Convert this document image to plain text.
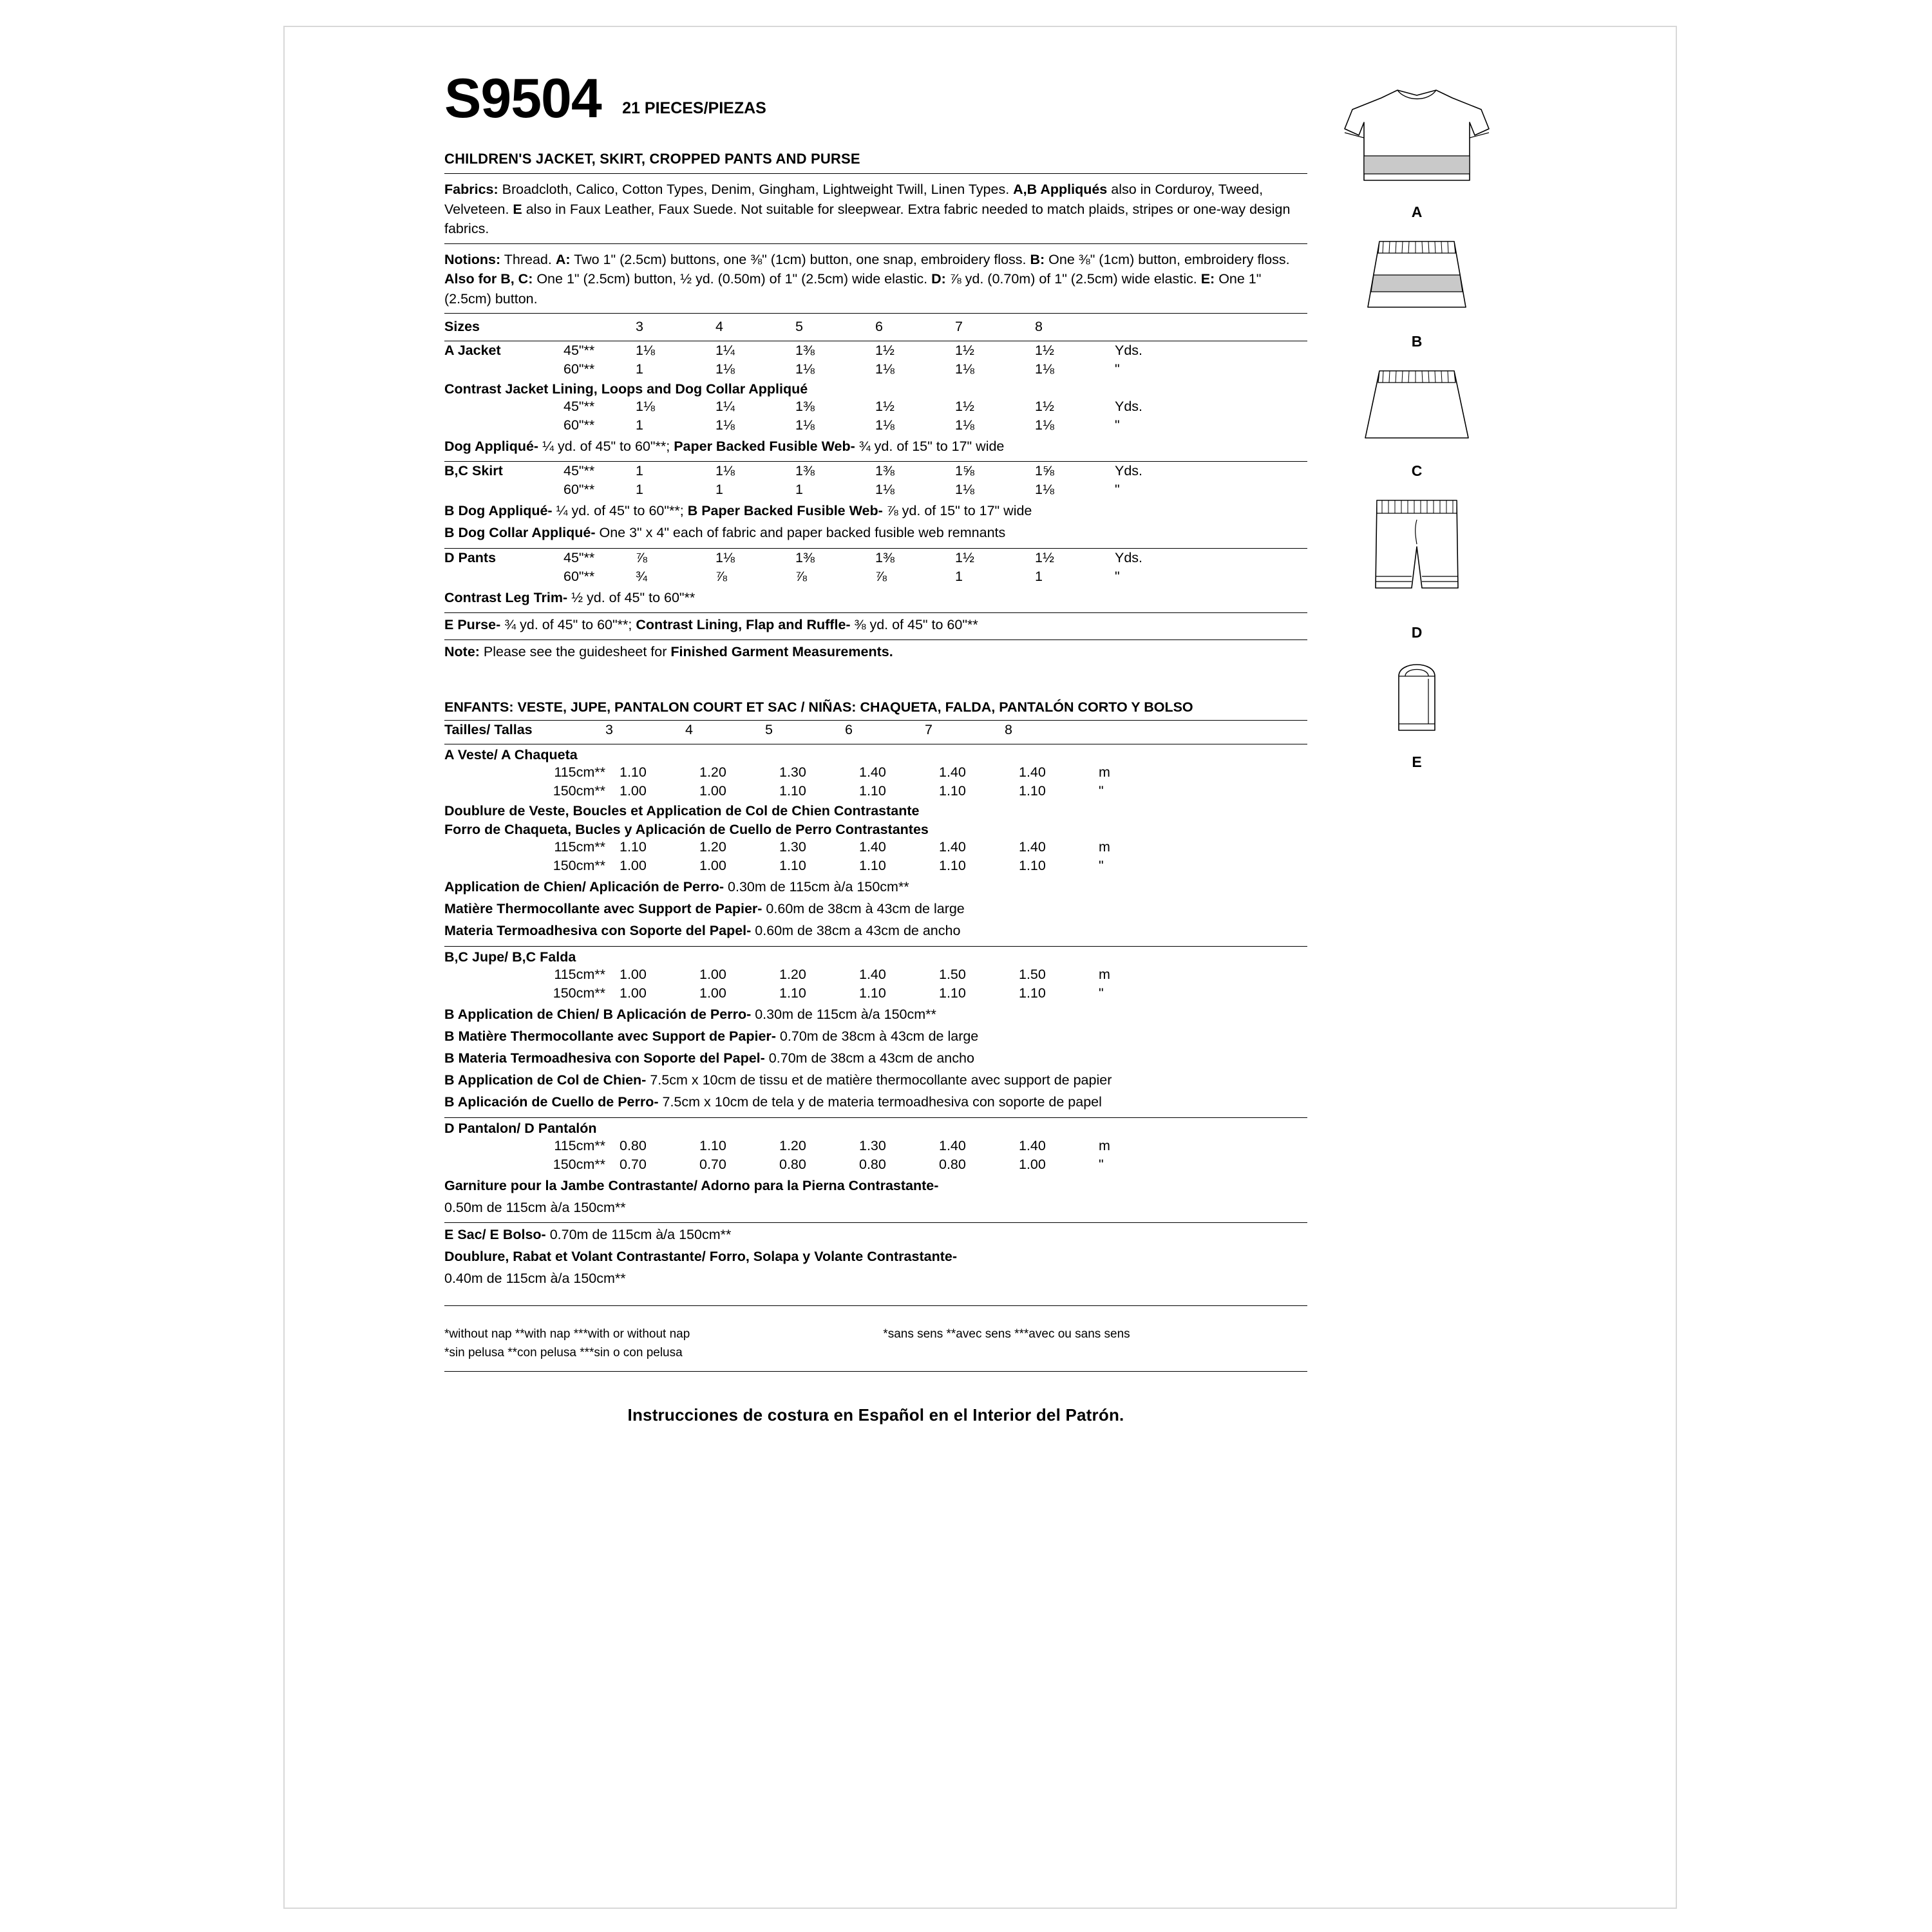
S9504 21 PIECES/PIEZAS
CHILDREN'S JACKET, SKIRT, CROPPED PANTS AND PURSE
Fabrics: Broadcloth, Calico, Cotton Types, Denim, Gingham, Lightweight Twill, Linen Types. A,B Appliqués also in Corduroy, Tweed, Velveteen. E also in Faux Leather, Faux Suede. Not suitable for sleepwear. Extra fabric needed to match plaids, stripes or one-way design fabrics.
Notions: Thread. A: Two 1" (2.5cm) buttons, one ⅜" (1cm) button, one snap, embroidery floss. B: One ⅜" (1cm) button, embroidery floss. Also for B, C: One 1" (2.5cm) button, ½ yd. (0.50m) of 1" (2.5cm) wide elastic. D: ⅞ yd. (0.70m) of 1" (2.5cm) wide elastic. E: One 1" (2.5cm) button.
Sizes		3	4	5	6	7	8	
A Jacket	45"**	1⅛	1¼	1⅜	1½	1½	1½	Yds.
	60"**	1	1⅛	1⅛	1⅛	1⅛	1⅛	"
Contrast Jacket Lining, Loops and Dog Collar Appliqué
	45"**	1⅛	1¼	1⅜	1½	1½	1½	Yds.
	60"**	1	1⅛	1⅛	1⅛	1⅛	1⅛	"
Dog Appliqué- ¼ yd. of 45" to 60"**; Paper Backed Fusible Web- ¾ yd. of 15" to 17" wide
B,C Skirt	45"**	1	1⅛	1⅜	1⅜	1⅝	1⅝	Yds.
	60"**	1	1	1	1⅛	1⅛	1⅛	"
B Dog Appliqué- ¼ yd. of 45" to 60"**; B Paper Backed Fusible Web- ⅞ yd. of 15" to 17" wide
B Dog Collar Appliqué- One 3" x 4" each of fabric and paper backed fusible web remnants
D Pants	45"**	⅞	1⅛	1⅜	1⅜	1½	1½	Yds.
	60"**	¾	⅞	⅞	⅞	1	1	"
Contrast Leg Trim- ½ yd. of 45" to 60"**
E Purse- ¾ yd. of 45" to 60"**; Contrast Lining, Flap and Ruffle- ⅜ yd. of 45" to 60"**
Note: Please see the guidesheet for Finished Garment Measurements.
ENFANTS: VESTE, JUPE, PANTALON COURT ET SAC / NIÑAS: CHAQUETA, FALDA, PANTALÓN CORTO Y BOLSO
Tailles/ Tallas	3	4	5	6	7	8	
A Veste/ A Chaqueta
115cm**	1.10	1.20	1.30	1.40	1.40	1.40	m
150cm**	1.00	1.00	1.10	1.10	1.10	1.10	"
Doublure de Veste, Boucles et Application de Col de Chien Contrastante
Forro de Chaqueta, Bucles y Aplicación de Cuello de Perro Contrastantes
115cm**	1.10	1.20	1.30	1.40	1.40	1.40	m
150cm**	1.00	1.00	1.10	1.10	1.10	1.10	"
Application de Chien/ Aplicación de Perro- 0.30m de 115cm à/a 150cm**
Matière Thermocollante avec Support de Papier- 0.60m de 38cm à 43cm de large
Materia Termoadhesiva con Soporte del Papel- 0.60m de 38cm a 43cm de ancho
B,C Jupe/ B,C Falda
115cm**	1.00	1.00	1.20	1.40	1.50	1.50	m
150cm**	1.00	1.00	1.10	1.10	1.10	1.10	"
B Application de Chien/ B Aplicación de Perro- 0.30m de 115cm à/a 150cm**
B Matière Thermocollante avec Support de Papier- 0.70m de 38cm à 43cm de large
B Materia Termoadhesiva con Soporte del Papel- 0.70m de 38cm a 43cm de ancho
B Application de Col de Chien- 7.5cm x 10cm de tissu et de matière thermocollante avec support de papier
B Aplicación de Cuello de Perro- 7.5cm x 10cm de tela y de materia termoadhesiva con soporte de papel
D Pantalon/ D Pantalón
115cm**	0.80	1.10	1.20	1.30	1.40	1.40	m
150cm**	0.70	0.70	0.80	0.80	0.80	1.00	"
Garniture pour la Jambe Contrastante/ Adorno para la Pierna Contrastante-
0.50m de 115cm à/a 150cm**
E Sac/ E Bolso- 0.70m de 115cm à/a 150cm**
Doublure, Rabat et Volant Contrastante/ Forro, Solapa y Volante Contrastante-
0.40m de 115cm à/a 150cm**
*without nap **with nap ***with or without nap
*sin pelusa **con pelusa ***sin o con pelusa
*sans sens **avec sens ***avec ou sans sens
Instrucciones de costura en Español en el Interior del Patrón.
A
B
C
D
E
